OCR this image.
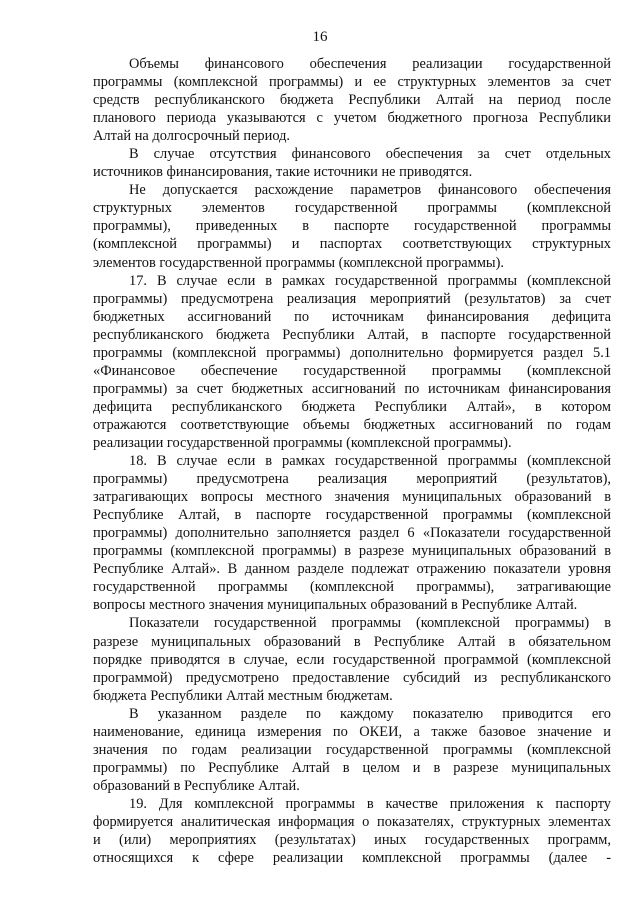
16
Объемы финансового обеспечения реализации государственной
программы (комплексной программы) и ее структурных элементов за счет
средств республиканского бюджета Республики Алтай на период после
планового периода указываются с учетом бюджетного прогноза Республики
Алтай на долгосрочный период.
В случае отсутствия финансового обеспечения за счет отдельных
источников финансирования, такие источники не приводятся.
Не допускается расхождение параметров финансового обеспечения
структурных элементов государственной программы (комплексной
программы), приведенных в паспорте государственной программы
(комплексной программы) и паспортах соответствующих структурных
элементов государственной программы (комплексной программы).
17. В случае если в рамках государственной программы (комплексной
программы) предусмотрена реализация мероприятий (результатов) за счет
бюджетных ассигнований по источникам финансирования дефицита
республиканского бюджета Республики Алтай, в паспорте государственной
программы (комплексной программы) дополнительно формируется раздел 5.1
«Финансовое обеспечение государственной программы (комплексной
программы) за счет бюджетных ассигнований по источникам финансирования
дефицита республиканского бюджета Республики Алтай», в котором
отражаются соответствующие объемы бюджетных ассигнований по годам
реализации государственной программы (комплексной программы).
18. В случае если в рамках государственной программы (комплексной
программы) предусмотрена реализация мероприятий (результатов),
затрагивающих вопросы местного значения муниципальных образований в
Республике Алтай, в паспорте государственной программы (комплексной
программы) дополнительно заполняется раздел 6 «Показатели государственной
программы (комплексной программы) в разрезе муниципальных образований в
Республике Алтай». В данном разделе подлежат отражению показатели уровня
государственной программы (комплексной программы), затрагивающие
вопросы местного значения муниципальных образований в Республике Алтай.
Показатели государственной программы (комплексной программы) в
разрезе муниципальных образований в Республике Алтай в обязательном
порядке приводятся в случае, если государственной программой (комплексной
программой) предусмотрено предоставление субсидий из республиканского
бюджета Республики Алтай местным бюджетам.
В указанном разделе по каждому показателю приводится его
наименование, единица измерения по ОКЕИ, а также базовое значение и
значения по годам реализации государственной программы (комплексной
программы) по Республике Алтай в целом и в разрезе муниципальных
образований в Республике Алтай.
19. Для комплексной программы в качестве приложения к паспорту
формируется аналитическая информация о показателях, структурных элементах
и (или) мероприятиях (результатах) иных государственных программ,
относящихся к сфере реализации комплексной программы (далее -
